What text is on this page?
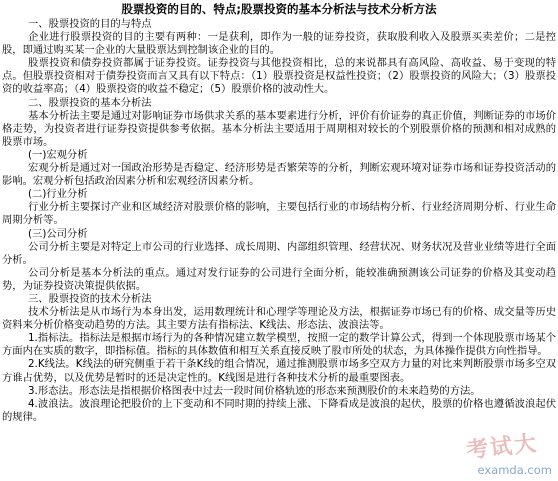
股票投资的目的、特点;股票投资的基本分析法与技术分析方法

一、股票投资的目的与特点

企业进行股票投资的目的主要有两种：一是获利，即作为一般的证券投资，获取股利收入及股票买卖差价；二是控股，即通过购买某一企业的大量股票达到控制该企业的目的。

股票投资和债券投资都属于证券投资。证券投资与其他投资相比，总的来说都具有高风险、高收益、易于变现的特点。但股票投资相对于债券投资而言又具有以下特点：（1）股票投资是权益性投资；（2）股票投资的风险大；（3）股票投资的收益率高；（4）股票投资的收益不稳定；（5）股票价格的波动性大。

二、股票投资的基本分析法

基本分析法主要是通过对影响证券市场供求关系的基本要素进行分析，评价有价证券的真正价值，判断证券的市场价格走势，为投资者进行证券投资提供参考依据。基本分析法主要适用于周期相对较长的个别股票价格的预测和相对成熟的股票市场。

(一)宏观分析

宏观分析是通过对一国政治形势是否稳定、经济形势是否繁荣等的分析，判断宏观环境对证券市场和证券投资活动的影响。宏观分析包括政治因素分析和宏观经济因素分析。

(二)行业分析

行业分析主要探讨产业和区域经济对股票价格的影响，主要包括行业的市场结构分析、行业经济周期分析、行业生命周期分析等。

(三)公司分析

公司分析主要是对特定上市公司的行业选择、成长周期、内部组织管理、经营状况、财务状况及营业业绩等进行全面分析。

公司分析是基本分析法的重点。通过对发行证券的公司进行全面分析，能较准确预测该公司证券的价格及其变动趋势，为证券投资决策提供依据。

三、股票投资的技术分析法

技术分析法是从市场行为本身出发，运用数理统计和心理学等理论及方法，根据证券市场已有的价格、成交量等历史资料来分析价格变动趋势的方法。其主要方法有指标法、K线法、形态法、波浪法等。

1.指标法。指标法是根据市场行为的各种情况建立数学模型，按照一定的数学计算公式，得到一个体现股票市场某个方面内在实质的数字，即指标值。指标的具体数值和相互关系直接反映了股市所处的状态，为具体操作提供方向性指导。

2.K线法。K线法的研究侧重于若干条K线的组合情况，通过推测股票市场多空双方力量的对比来判断股票市场多空双方谁占优势，以及优势是暂时的还是决定性的。K线图是进行各种技术分析的最重要图表。

3.形态法。形态法是指根据价格图表中过去一段时间价格轨迹的形态来预测股价的未来趋势的方法。

4.波浪法。波浪理论把股价的上下变动和不同时期的持续上涨、下降看成是波浪的起伏，股票的价格也遵循波浪起伏的规律。

考试大
examda.com
